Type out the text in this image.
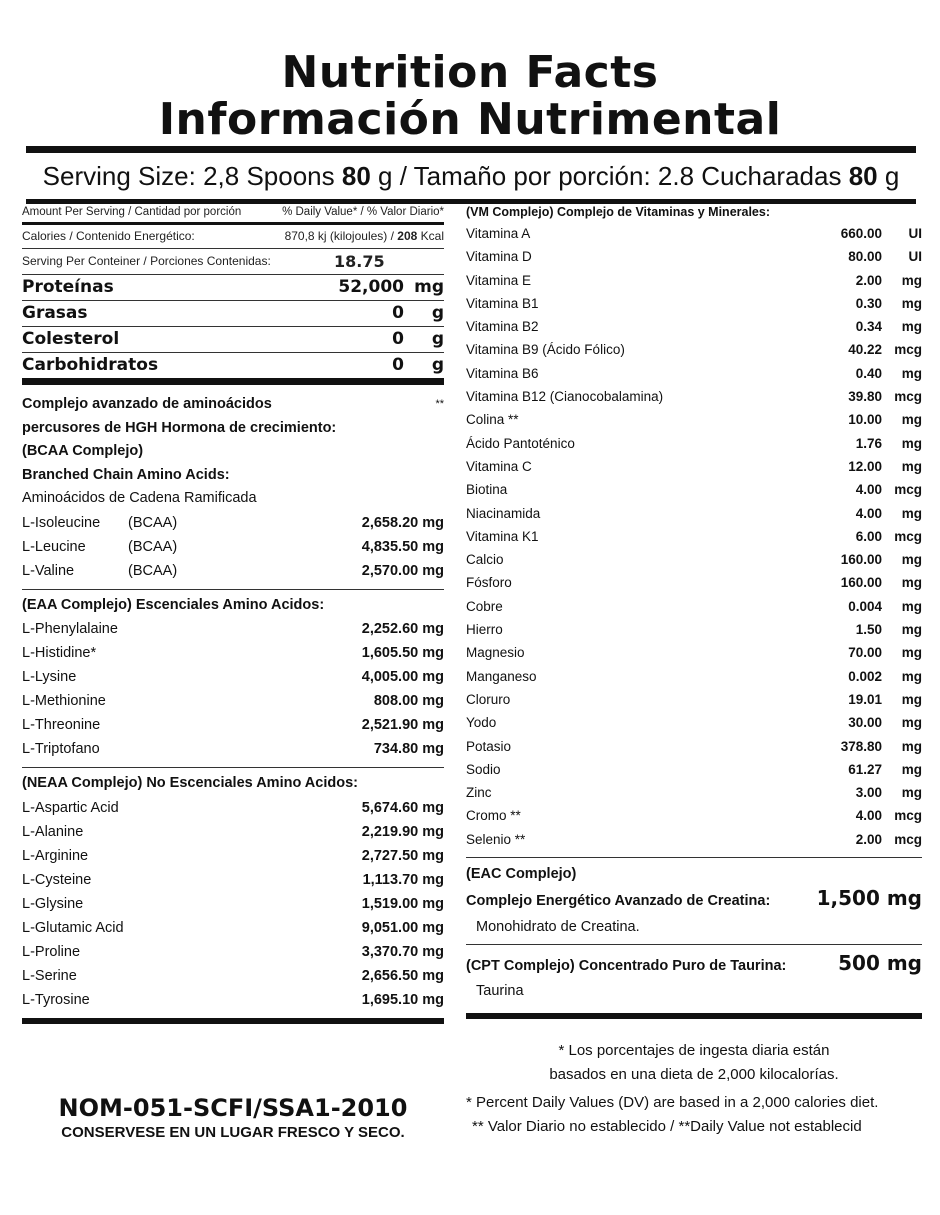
Nutrition Facts
Información Nutrimental
Serving Size: 2,8 Spoons 80 g / Tamaño por porción: 2.8 Cucharadas 80 g
Amount Per Serving / Cantidad por porción	% Daily Value* / % Valor Diario*
Calories / Contenido Energético:	870,8 kj (kilojoules) / 208 Kcal
Serving Per Conteiner / Porciones Contenidas:	18.75
Proteínas	52,000 mg
Grasas	0	g
Colesterol	0	g
Carbohidratos	0	g
Complejo avanzado de aminoácidos	**
percusores de HGH Hormona de crecimiento:
(BCAA Complejo)
Branched Chain Amino Acids:
Aminoácidos de Cadena Ramificada
L-Isoleucine	(BCAA)	2,658.20 mg
L-Leucine	(BCAA)	4,835.50 mg
L-Valine	(BCAA)	2,570.00 mg
(EAA Complejo) Escenciales Amino Acidos:
L-Phenylalaine	2,252.60 mg
L-Histidine*	1,605.50 mg
L-Lysine	4,005.00 mg
L-Methionine	808.00 mg
L-Threonine	2,521.90 mg
L-Triptofano	734.80 mg
(NEAA Complejo) No Escenciales Amino Acidos:
L-Aspartic Acid	5,674.60 mg
L-Alanine	2,219.90 mg
L-Arginine	2,727.50 mg
L-Cysteine	1,113.70 mg
L-Glysine	1,519.00 mg
L-Glutamic Acid	9,051.00 mg
L-Proline	3,370.70 mg
L-Serine	2,656.50 mg
L-Tyrosine	1,695.10 mg
NOM-051-SCFI/SSA1-2010
CONSERVESE EN UN LUGAR FRESCO Y SECO.
(VM Complejo) Complejo de Vitaminas y Minerales:
Vitamina A	660.00	UI
Vitamina D	80.00	UI
Vitamina E	2.00	mg
Vitamina B1	0.30	mg
Vitamina B2	0.34	mg
Vitamina B9 (Ácido Fólico)	40.22 mcg
Vitamina B6	0.40	mg
Vitamina B12 (Cianocobalamina)	39.80 mcg
Colina **	10.00	mg
Ácido Pantoténico	1.76	mg
Vitamina C	12.00	mg
Biotina	4.00 mcg
Niacinamida	4.00	mg
Vitamina K1	6.00 mcg
Calcio	160.00	mg
Fósforo	160.00	mg
Cobre	0.004	mg
Hierro	1.50	mg
Magnesio	70.00	mg
Manganeso	0.002	mg
Cloruro	19.01	mg
Yodo	30.00	mg
Potasio	378.80	mg
Sodio	61.27	mg
Zinc	3.00	mg
Cromo **	4.00 mcg
Selenio **	2.00 mcg
(EAC Complejo)
Complejo Energético Avanzado de Creatina: 1,500 mg
Monohidrato de Creatina.
(CPT Complejo) Concentrado Puro de Taurina:	500 mg
Taurina
* Los porcentajes de ingesta diaria están
basados en una dieta de 2,000 kilocalorías.
* Percent Daily Values (DV) are based in a 2,000 calories diet.
** Valor Diario no establecido / **Daily Value not establecid
